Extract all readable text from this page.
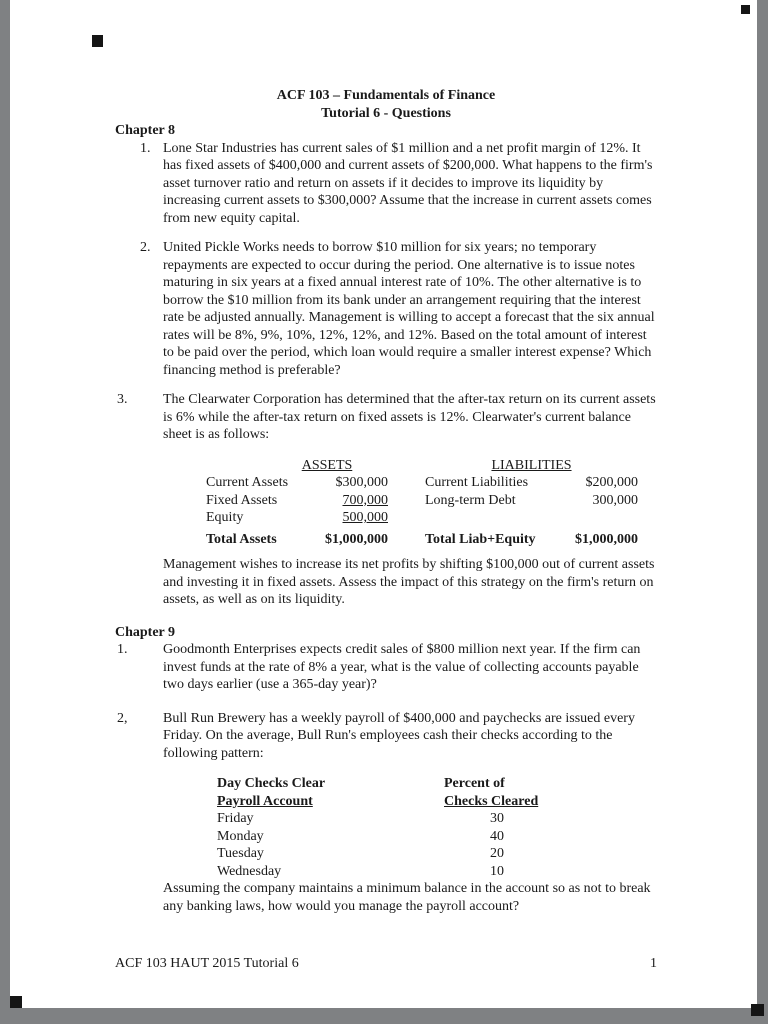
ACF 103 – Fundamentals of Finance
Tutorial 6 - Questions
Chapter 8
1. Lone Star Industries has current sales of $1 million and a net profit margin of 12%. It has fixed assets of $400,000 and current assets of $200,000. What happens to the firm's asset turnover ratio and return on assets if it decides to improve its liquidity by increasing current assets to $300,000? Assume that the increase in current assets comes from new equity capital.
2. United Pickle Works needs to borrow $10 million for six years; no temporary repayments are expected to occur during the period. One alternative is to issue notes maturing in six years at a fixed annual interest rate of 10%. The other alternative is to borrow the $10 million from its bank under an arrangement requiring that the interest rate be adjusted annually. Management is willing to accept a forecast that the six annual rates will be 8%, 9%, 10%, 12%, 12%, and 12%. Based on the total amount of interest to be paid over the period, which loan would require a smaller interest expense? Which financing method is preferable?
3.	The Clearwater Corporation has determined that the after-tax return on its current assets is 6% while the after-tax return on fixed assets is 12%. Clearwater's current balance sheet is as follows:
ASSETS	LIABILITIES
Current Assets	$300,000	Current Liabilities	$200,000
Fixed Assets	700,000	Long-term Debt	300,000
Equity	500,000
Total Assets	$1,000,000	Total Liab+Equity	$1,000,000
Management wishes to increase its net profits by shifting $100,000 out of current assets and investing it in fixed assets. Assess the impact of this strategy on the firm's return on assets, as well as on its liquidity.
Chapter 9
1.	Goodmonth Enterprises expects credit sales of $800 million next year. If the firm can invest funds at the rate of 8% a year, what is the value of collecting accounts payable two days earlier (use a 365-day year)?
2,	Bull Run Brewery has a weekly payroll of $400,000 and paychecks are issued every Friday. On the average, Bull Run's employees cash their checks according to the following pattern:
Day Checks Clear	Percent of
Payroll Account	Checks Cleared
Friday	30
Monday	40
Tuesday	20
Wednesday	10
Assuming the company maintains a minimum balance in the account so as not to break any banking laws, how would you manage the payroll account?
ACF 103 HAUT 2015 Tutorial 6	1
